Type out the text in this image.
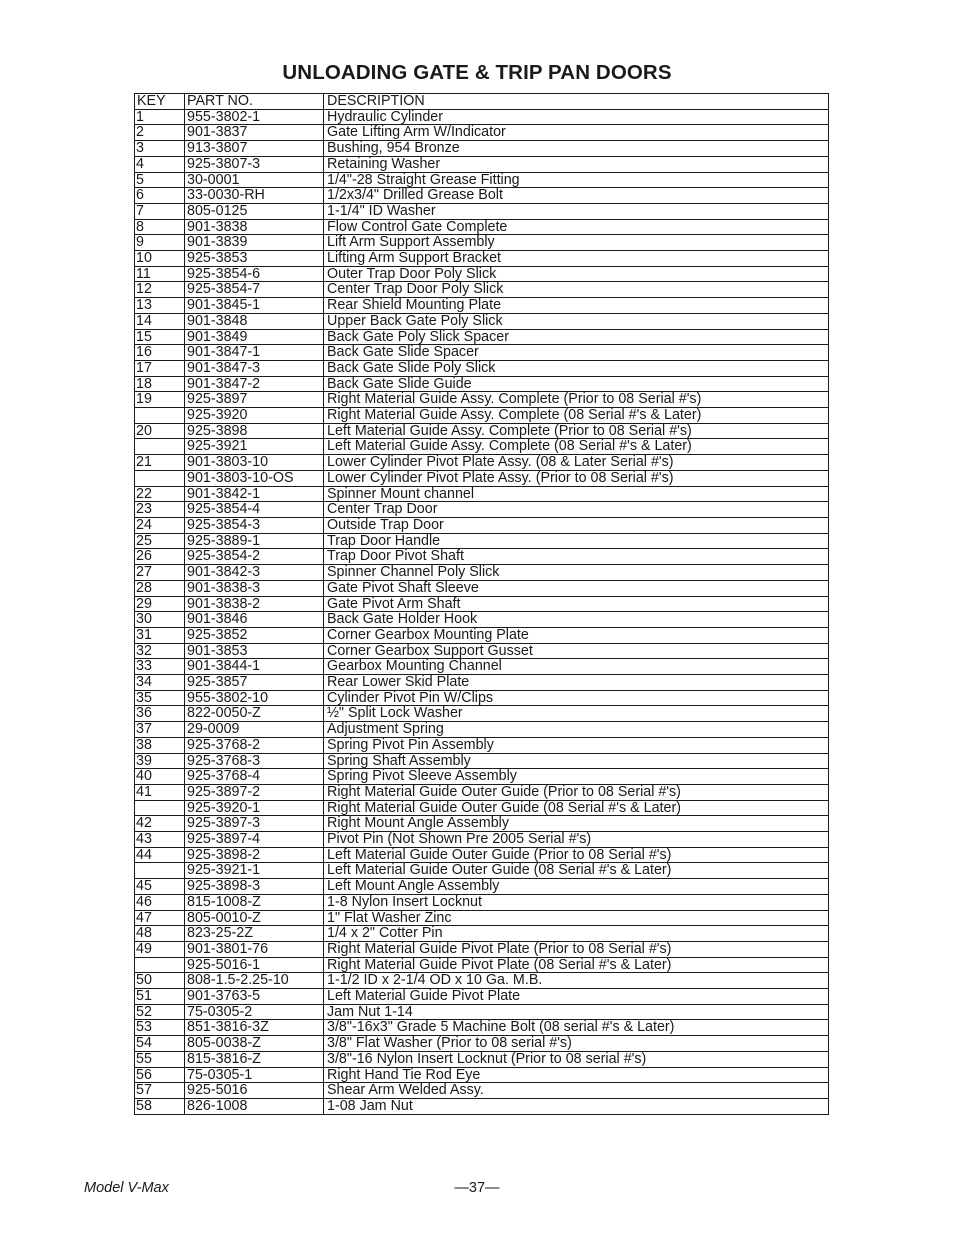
UNLOADING GATE & TRIP PAN DOORS
KEY	PART NO.	DESCRIPTION
1	955-3802-1	Hydraulic Cylinder
2	901-3837	Gate Lifting Arm W/Indicator
3	913-3807	Bushing, 954 Bronze
4	925-3807-3	Retaining Washer
5	30-0001	1/4"-28 Straight Grease Fitting
6	33-0030-RH	1/2x3/4" Drilled Grease Bolt
7	805-0125	1-1/4" ID Washer
8	901-3838	Flow Control Gate Complete
9	901-3839	Lift Arm Support Assembly
10	925-3853	Lifting Arm Support Bracket
11	925-3854-6	Outer Trap Door Poly Slick
12	925-3854-7	Center Trap Door Poly Slick
13	901-3845-1	Rear Shield Mounting Plate
14	901-3848	Upper Back Gate Poly Slick
15	901-3849	Back Gate Poly Slick Spacer
16	901-3847-1	Back Gate Slide Spacer
17	901-3847-3	Back Gate Slide Poly Slick
18	901-3847-2	Back Gate Slide Guide
19	925-3897	Right Material Guide Assy. Complete (Prior to 08 Serial #'s)
	925-3920	Right Material Guide Assy. Complete (08 Serial #'s & Later)
20	925-3898	Left Material Guide Assy. Complete (Prior to 08 Serial #'s)
	925-3921	Left Material Guide Assy. Complete (08 Serial #'s & Later)
21	901-3803-10	Lower Cylinder Pivot Plate Assy. (08 & Later Serial #'s)
	901-3803-10-OS	Lower Cylinder Pivot Plate Assy. (Prior to 08 Serial #'s)
22	901-3842-1	Spinner Mount channel
23	925-3854-4	Center Trap Door
24	925-3854-3	Outside Trap Door
25	925-3889-1	Trap Door Handle
26	925-3854-2	Trap Door Pivot Shaft
27	901-3842-3	Spinner Channel Poly Slick
28	901-3838-3	Gate Pivot Shaft Sleeve
29	901-3838-2	Gate Pivot Arm Shaft
30	901-3846	Back Gate Holder Hook
31	925-3852	Corner Gearbox Mounting Plate
32	901-3853	Corner Gearbox Support Gusset
33	901-3844-1	Gearbox Mounting Channel
34	925-3857	Rear Lower Skid Plate
35	955-3802-10	Cylinder Pivot Pin W/Clips
36	822-0050-Z	½" Split Lock Washer
37	29-0009	Adjustment Spring
38	925-3768-2	Spring Pivot Pin Assembly
39	925-3768-3	Spring Shaft Assembly
40	925-3768-4	Spring Pivot Sleeve Assembly
41	925-3897-2	Right Material Guide Outer Guide (Prior to 08 Serial #'s)
	925-3920-1	Right Material Guide Outer Guide (08 Serial #'s & Later)
42	925-3897-3	Right Mount Angle Assembly
43	925-3897-4	Pivot Pin (Not Shown Pre 2005 Serial #'s)
44	925-3898-2	Left Material Guide Outer Guide (Prior to 08 Serial #'s)
	925-3921-1	Left Material Guide Outer Guide (08 Serial #'s & Later)
45	925-3898-3	Left Mount Angle Assembly
46	815-1008-Z	1-8 Nylon Insert Locknut
47	805-0010-Z	1" Flat Washer Zinc
48	823-25-2Z	1/4 x 2" Cotter Pin
49	901-3801-76	Right Material Guide Pivot Plate (Prior to 08 Serial #'s)
	925-5016-1	Right Material Guide Pivot Plate (08 Serial #'s & Later)
50	808-1.5-2.25-10	1-1/2 ID x 2-1/4 OD x 10 Ga. M.B.
51	901-3763-5	Left Material Guide Pivot Plate
52	75-0305-2	Jam Nut 1-14
53	851-3816-3Z	3/8"-16x3" Grade 5 Machine Bolt (08 serial #'s & Later)
54	805-0038-Z	3/8" Flat Washer (Prior to 08 serial #'s)
55	815-3816-Z	3/8"-16 Nylon Insert Locknut (Prior to 08 serial #'s)
56	75-0305-1	Right Hand Tie Rod Eye
57	925-5016	Shear Arm Welded Assy.
58	826-1008	1-08 Jam Nut
Model V-Max	—37—
